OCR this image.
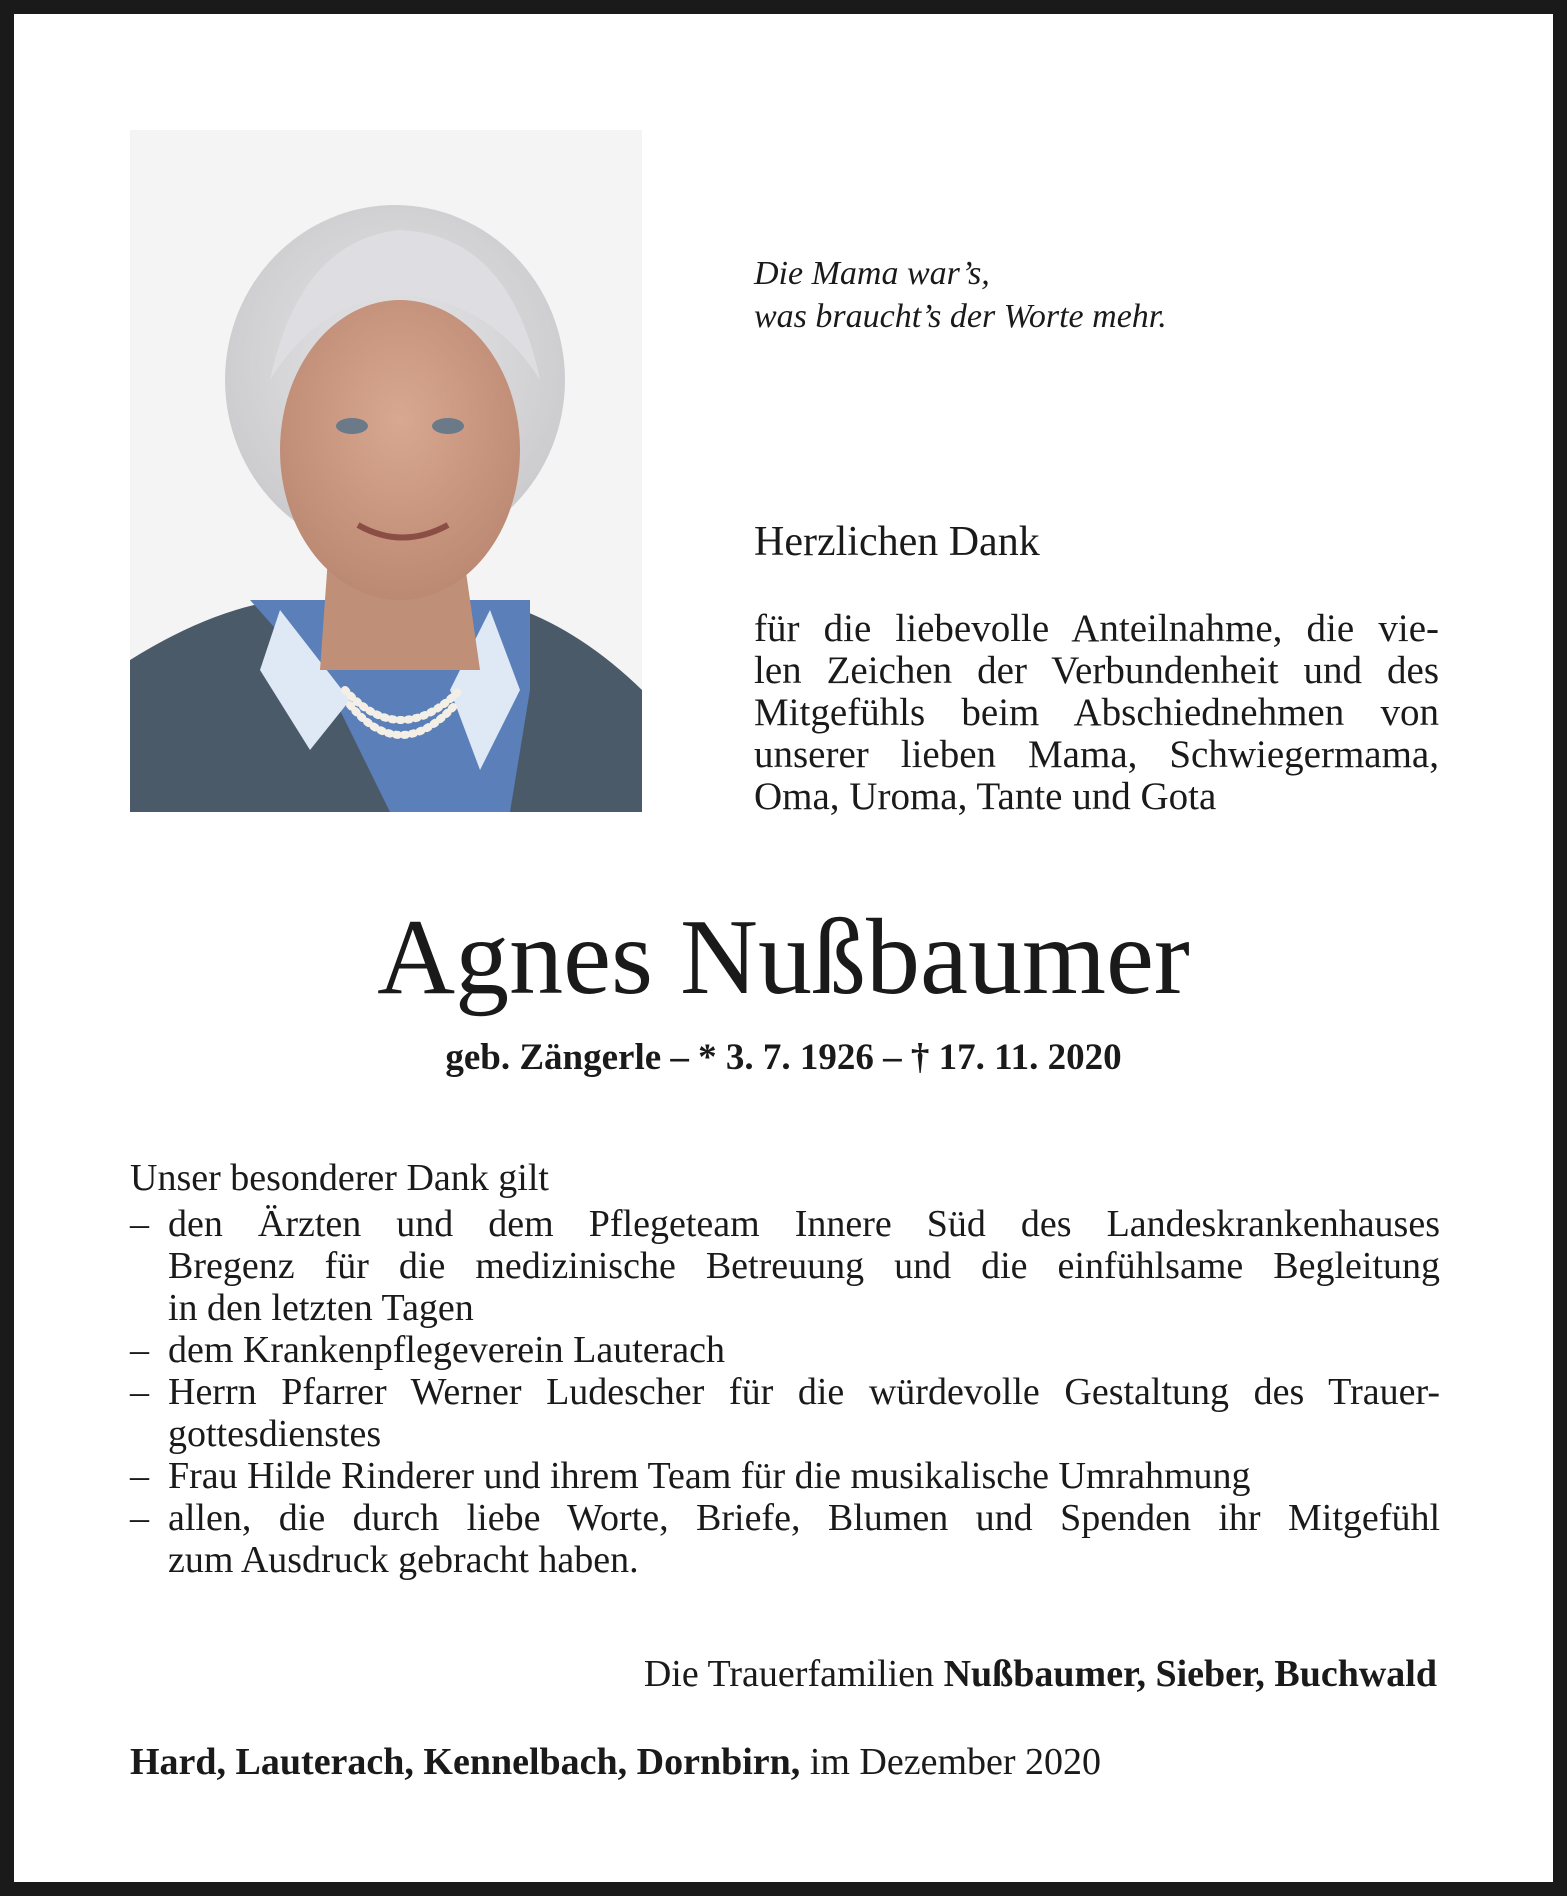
Die Mama war’s,
was braucht’s der Worte mehr.
Herzlichen Dank
für die liebevolle Anteilnahme, die vie-
len Zeichen der Verbundenheit und des
Mitgefühls beim Abschiednehmen von
unserer lieben Mama, Schwiegermama,
Oma, Uroma, Tante und Gota
Agnes Nußbaumer
geb. Zängerle – * 3. 7. 1926 – † 17. 11. 2020
Unser besonderer Dank gilt
– den Ärzten und dem Pflegeteam Innere Süd des Landeskrankenhauses
Bregenz für die medizinische Betreuung und die einfühlsame Begleitung
in den letzten Tagen
– dem Krankenpflegeverein Lauterach
– Herrn Pfarrer Werner Ludescher für die würdevolle Gestaltung des Trauer-
gottesdienstes
– Frau Hilde Rinderer und ihrem Team für die musikalische Umrahmung
– allen, die durch liebe Worte, Briefe, Blumen und Spenden ihr Mitgefühl
zum Ausdruck gebracht haben.
Die Trauerfamilien Nußbaumer, Sieber, Buchwald
Hard, Lauterach, Kennelbach, Dornbirn, im Dezember 2020
